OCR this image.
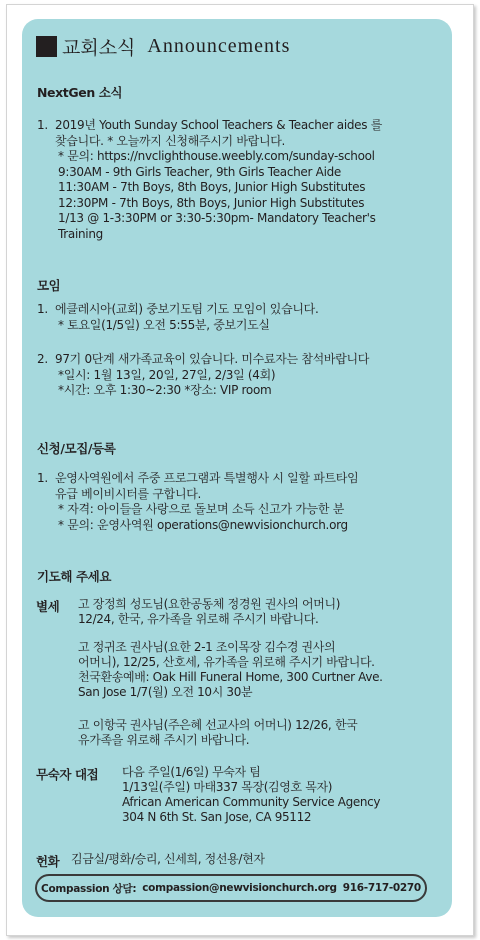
교회소식 Announcements
NextGen 소식
1. 2019년 Youth Sunday School Teachers & Teacher aides 를
찾습니다. * 오늘까지 신청해주시기 바랍니다.
* 문의: https://nvclighthouse.weebly.com/sunday-school
9:30AM - 9th Girls Teacher, 9th Girls Teacher Aide
11:30AM - 7th Boys, 8th Boys, Junior High Substitutes
12:30PM - 7th Boys, 8th Boys, Junior High Substitutes
1/13 @ 1-3:30PM or 3:30-5:30pm- Mandatory Teacher's
Training
모임
1. 에클레시아(교회) 중보기도팀 기도 모임이 있습니다.
* 토요일(1/5일) 오전 5:55분, 중보기도실
2. 97기 0단계 새가족교육이 있습니다. 미수료자는 참석바랍니다
*일시: 1월 13일, 20일, 27일, 2/3일 (4회)
*시간: 오후 1:30~2:30 *장소: VIP room
신청/모집/등록
1. 운영사역원에서 주중 프로그램과 특별행사 시 일할 파트타임
유급 베이비시터를 구합니다.
* 자격: 아이들을 사랑으로 돌보며 소득 신고가 가능한 분
* 문의: 운영사역원 operations@newvisionchurch.org
기도해 주세요
별세 고 장정희 성도님(요한공동체 정경원 권사의 어머니)
12/24, 한국, 유가족을 위로해 주시기 바랍니다.
고 정귀조 권사님(요한 2-1 조이목장 김수경 권사의
어머니), 12/25, 산호세, 유가족을 위로해 주시기 바랍니다.
천국환송예배: Oak Hill Funeral Home, 300 Curtner Ave.
San Jose 1/7(월) 오전 10시 30분
고 이항국 권사님(주은혜 선교사의 어머니) 12/26, 한국
유가족을 위로해 주시기 바랍니다.
무숙자 대접 다음 주일(1/6일) 무숙자 팀
1/13일(주일) 마태337 목장(김영호 목자)
African American Community Service Agency
304 N 6th St. San Jose, CA 95112
헌화 김금실/평화/승리, 신세희, 정선용/현자
Compassion 상담: compassion@newvisionchurch.org 916-717-0270
